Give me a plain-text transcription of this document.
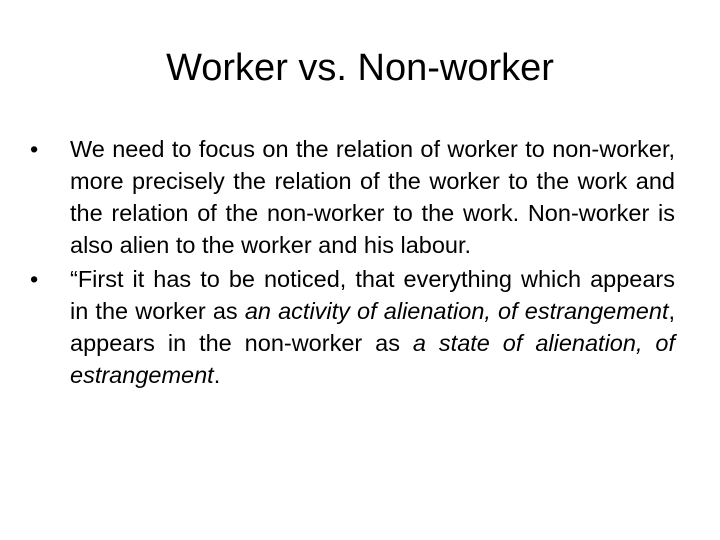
Worker vs. Non-worker
•	We need to focus on the relation of worker to non-worker, more precisely the relation of the worker to the work and the relation of the non-worker to the work. Non-worker is also alien to the worker and his labour.
•	“First it has to be noticed, that everything which appears in the worker as an activity of alienation, of estrangement, appears in the non-worker as a state of alienation, of estrangement.
